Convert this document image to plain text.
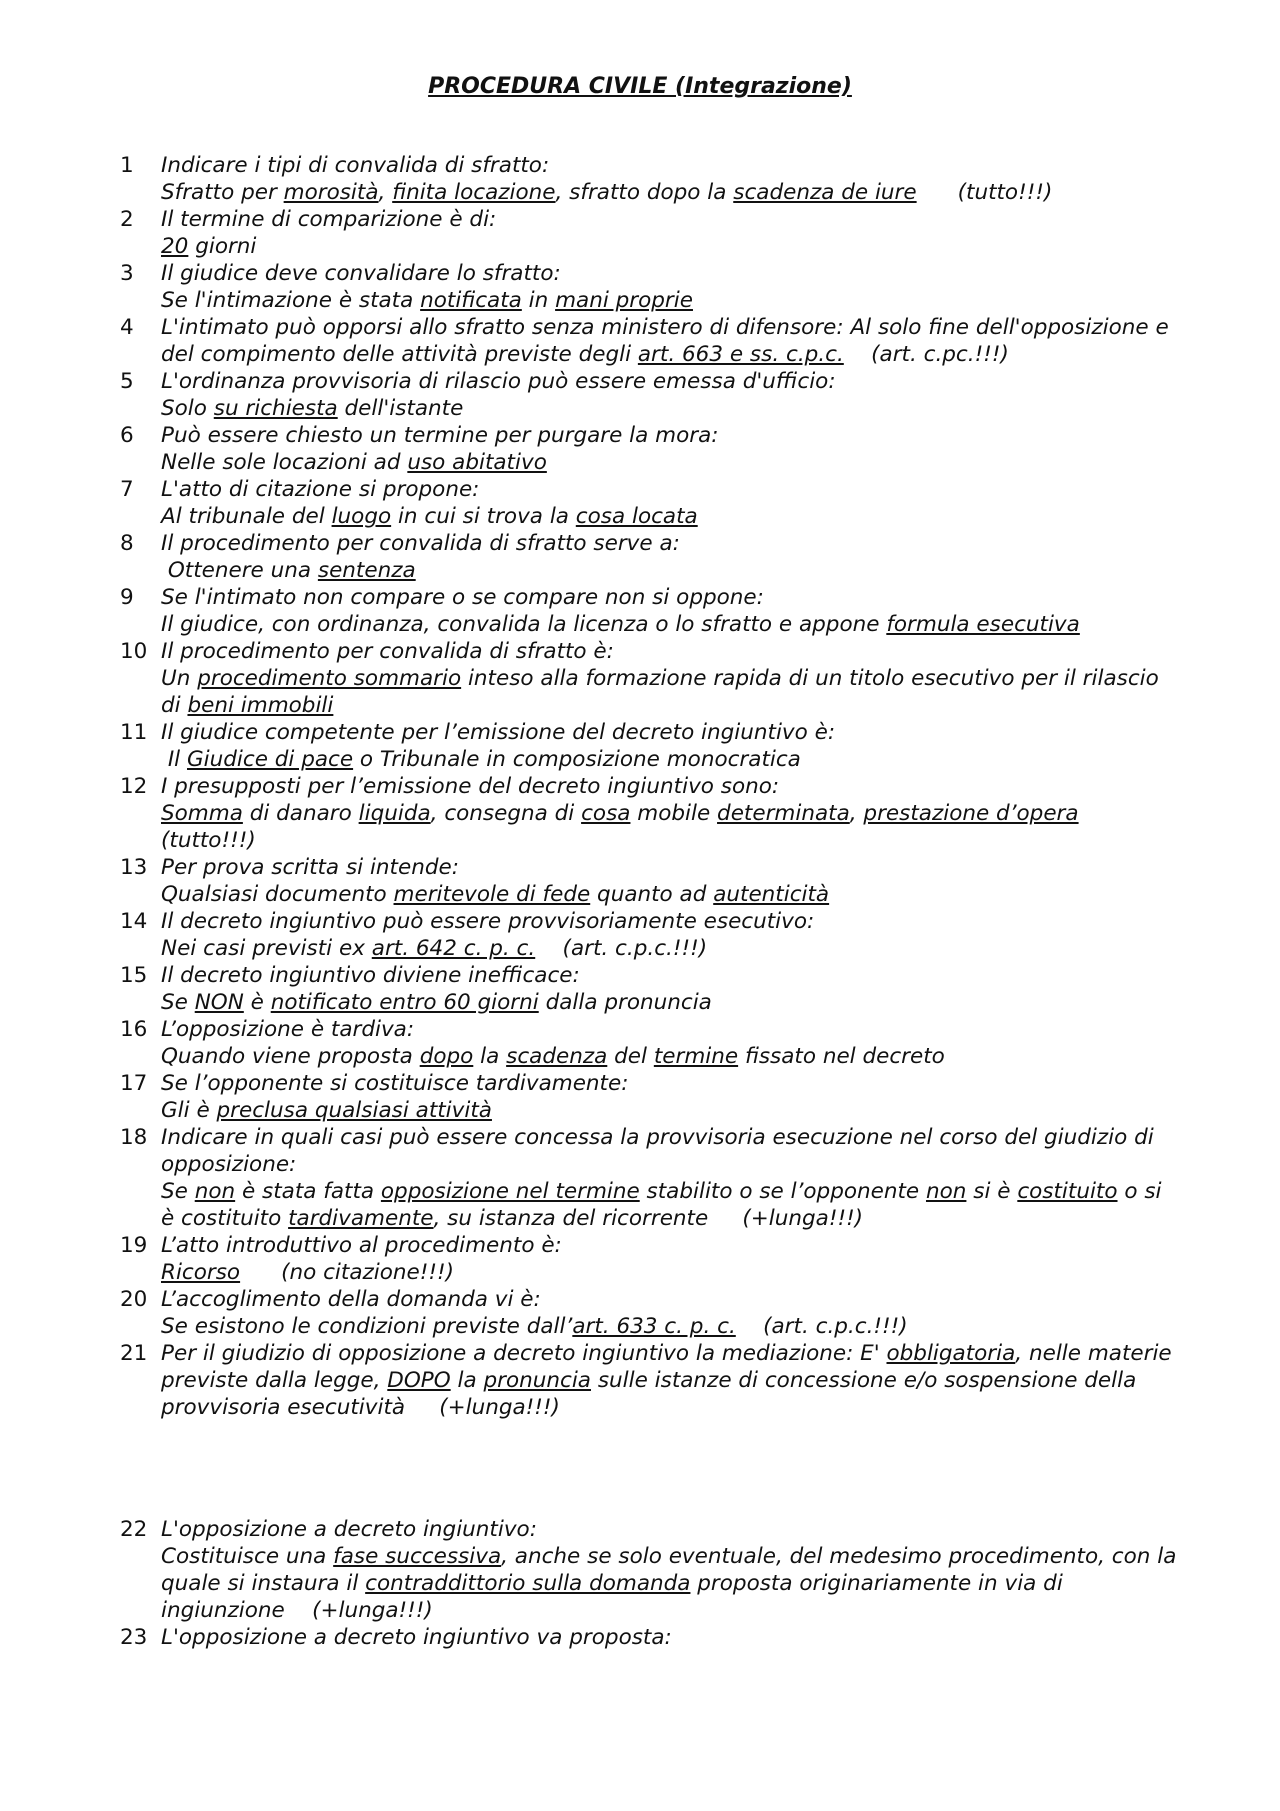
PROCEDURA CIVILE (Integrazione)
1	Indicare i tipi di convalida di sfratto:
Sfratto per morosità, finita locazione, sfratto dopo la scadenza de iure      (tutto!!!)
2	Il termine di comparizione è di:
20 giorni
3	Il giudice deve convalidare lo sfratto:
Se l'intimazione è stata notificata in mani proprie
4	L'intimato può opporsi allo sfratto senza ministero di difensore: Al solo fine dell'opposizione e del compimento delle attività previste degli art. 663 e ss. c.p.c.    (art. c.pc.!!!)
5	L'ordinanza provvisoria di rilascio può essere emessa d'ufficio:
Solo su richiesta dell'istante
6	Può essere chiesto un termine per purgare la mora:
Nelle sole locazioni ad uso abitativo
7	L'atto di citazione si propone:
Al tribunale del luogo in cui si trova la cosa locata
8	Il procedimento per convalida di sfratto serve a:
Ottenere una sentenza
9	Se l'intimato non compare o se compare non si oppone:
Il giudice, con ordinanza, convalida la licenza o lo sfratto e appone formula esecutiva
10 Il procedimento per convalida di sfratto è:
Un procedimento sommario inteso alla formazione rapida di un titolo esecutivo per il rilascio di beni immobili
11 Il giudice competente per l’emissione del decreto ingiuntivo è:
Il Giudice di pace o Tribunale in composizione monocratica
12 I presupposti per l’emissione del decreto ingiuntivo sono:
Somma di danaro liquida, consegna di cosa mobile determinata, prestazione d’opera (tutto!!!)
13 Per prova scritta si intende:
Qualsiasi documento meritevole di fede quanto ad autenticità
14 Il decreto ingiuntivo può essere provvisoriamente esecutivo:
Nei casi previsti ex art. 642 c. p. c.    (art. c.p.c.!!!)
15 Il decreto ingiuntivo diviene inefficace:
Se NON è notificato entro 60 giorni dalla pronuncia
16 L’opposizione è tardiva:
Quando viene proposta dopo la scadenza del termine fissato nel decreto
17 Se l’opponente si costituisce tardivamente:
Gli è preclusa qualsiasi attività
18 Indicare in quali casi può essere concessa la provvisoria esecuzione nel corso del giudizio di opposizione:
Se non è stata fatta opposizione nel termine stabilito o se l’opponente non si è costituito o si è costituito tardivamente, su istanza del ricorrente     (+lunga!!!)
19 L’atto introduttivo al procedimento è:
Ricorso      (no citazione!!!)
20 L’accoglimento della domanda vi è:
Se esistono le condizioni previste dall’art. 633 c. p. c.    (art. c.p.c.!!!)
21 Per il giudizio di opposizione a decreto ingiuntivo la mediazione: E' obbligatoria, nelle materie previste dalla legge, DOPO la pronuncia sulle istanze di concessione e/o sospensione della provvisoria esecutività     (+lunga!!!)
22 L'opposizione a decreto ingiuntivo:
Costituisce una fase successiva, anche se solo eventuale, del medesimo procedimento, con la quale si instaura il contraddittorio sulla domanda proposta originariamente in via di ingiunzione    (+lunga!!!)
23 L'opposizione a decreto ingiuntivo va proposta:
